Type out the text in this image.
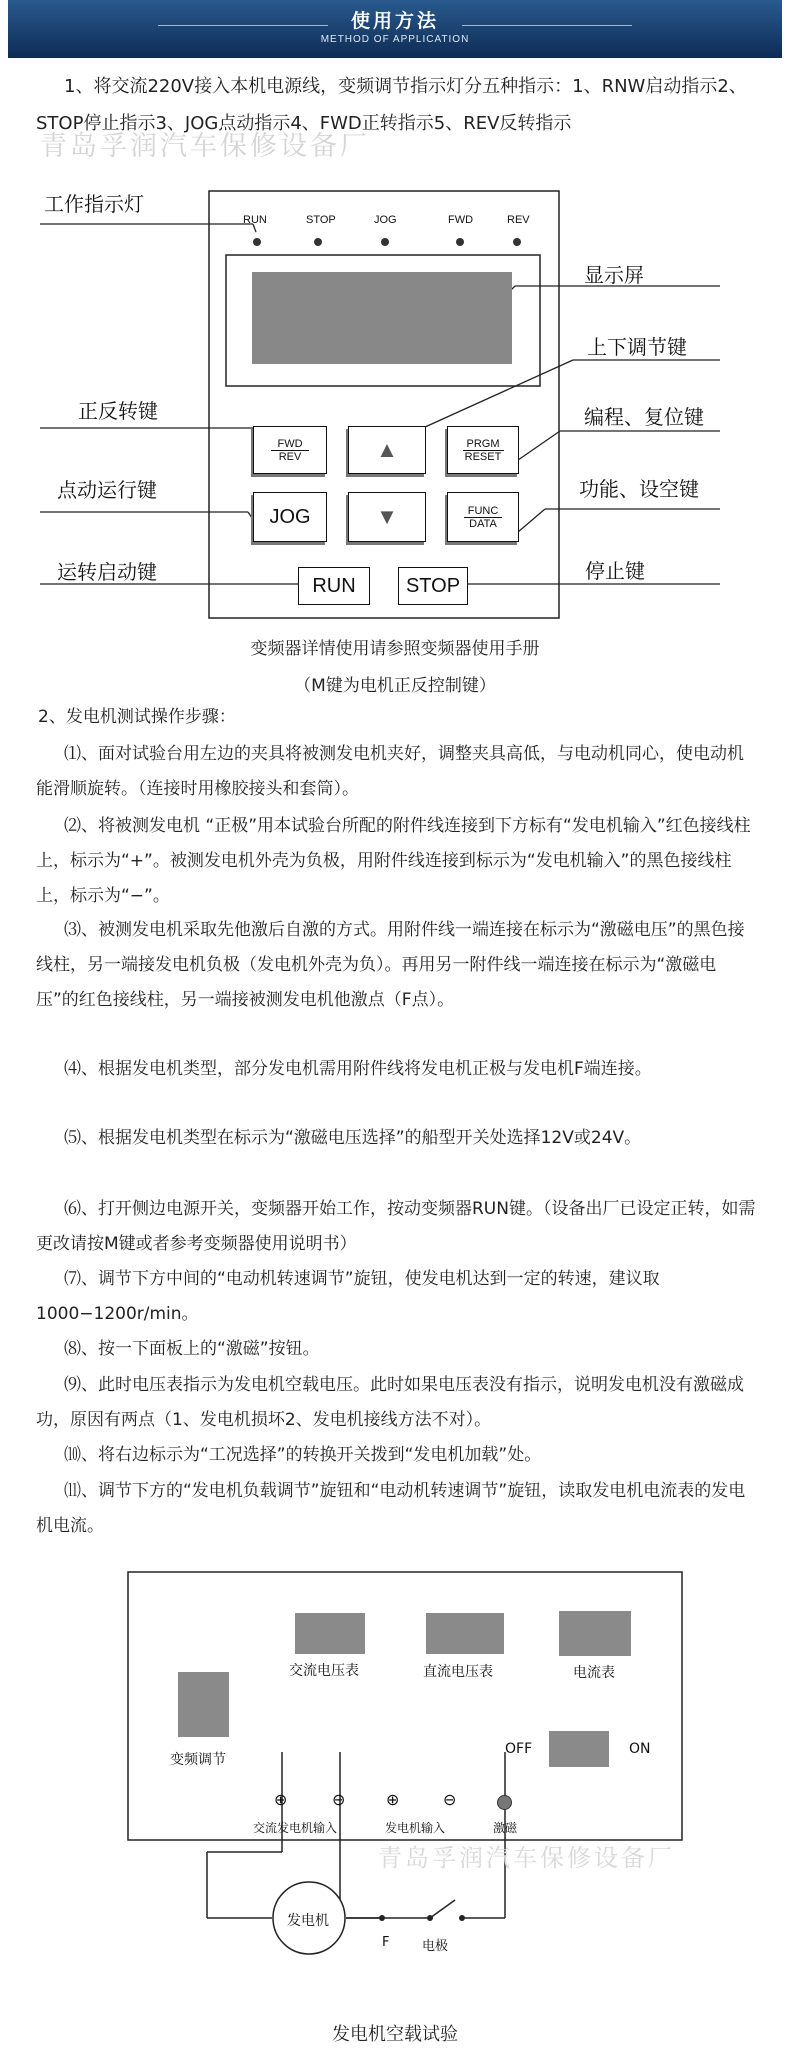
使用方法
METHOD OF APPLICATION
1、将交流220V接入本机电源线，变频调节指示灯分五种指示：1、RNW启动指示2、STOP停止指示3、JOG点动指示4、FWD正转指示5、REV反转指示
青岛孚润汽车保修设备厂
RUN	STOP	JOG	FWD	REV
FWD
REV	▲	PRGM
RESET
JOG	▼	FUNC
DATA
RUN	STOP
工作指示灯
正反转键
点动运行键
运转启动键
显示屏
上下调节键
编程、复位键
功能、设空键
停止键
变频器详情使用请参照变频器使用手册
（M键为电机正反控制键）
2、发电机测试操作步骤：
⑴、面对试验台用左边的夹具将被测发电机夹好，调整夹具高低，与电动机同心，使电动机能滑顺旋转。（连接时用橡胶接头和套筒）。
⑵、将被测发电机 “正极”用本试验台所配的附件线连接到下方标有“发电机输入”红色接线柱上，标示为“+”。被测发电机外壳为负极，用附件线连接到标示为“发电机输入”的黑色接线柱上，标示为“−”。
⑶、被测发电机采取先他激后自激的方式。用附件线一端连接在标示为“激磁电压”的黑色接线柱，另一端接发电机负极（发电机外壳为负）。再用另一附件线一端连接在标示为“激磁电压”的红色接线柱，另一端接被测发电机他激点（F点）。
⑷、根据发电机类型，部分发电机需用附件线将发电机正极与发电机F端连接。
⑸、根据发电机类型在标示为“激磁电压选择”的船型开关处选择12V或24V。
⑹、打开侧边电源开关，变频器开始工作，按动变频器RUN键。（设备出厂已设定正转，如需更改请按M键或者参考变频器使用说明书）
⑺、调节下方中间的“电动机转速调节”旋钮，使发电机达到一定的转速，建议取1000−1200r/min。
⑻、按一下面板上的“激磁”按钮。
⑼、此时电压表指示为发电机空载电压。此时如果电压表没有指示，说明发电机没有激磁成功，原因有两点（1、发电机损坏2、发电机接线方法不对）。
⑽、将右边标示为“工况选择”的转换开关拨到“发电机加载”处。
⑾、调节下方的“发电机负载调节”旋钮和“电动机转速调节”旋钮，读取发电机电流表的发电机电流。
交流电压表	直流电压表	电流表
变频调节
OFF	ON
⊕	⊖	⊕	⊖
交流发电机输入	发电机输入	激磁
青岛孚润汽车保修设备厂
发电机
F	电极
发电机空载试验
